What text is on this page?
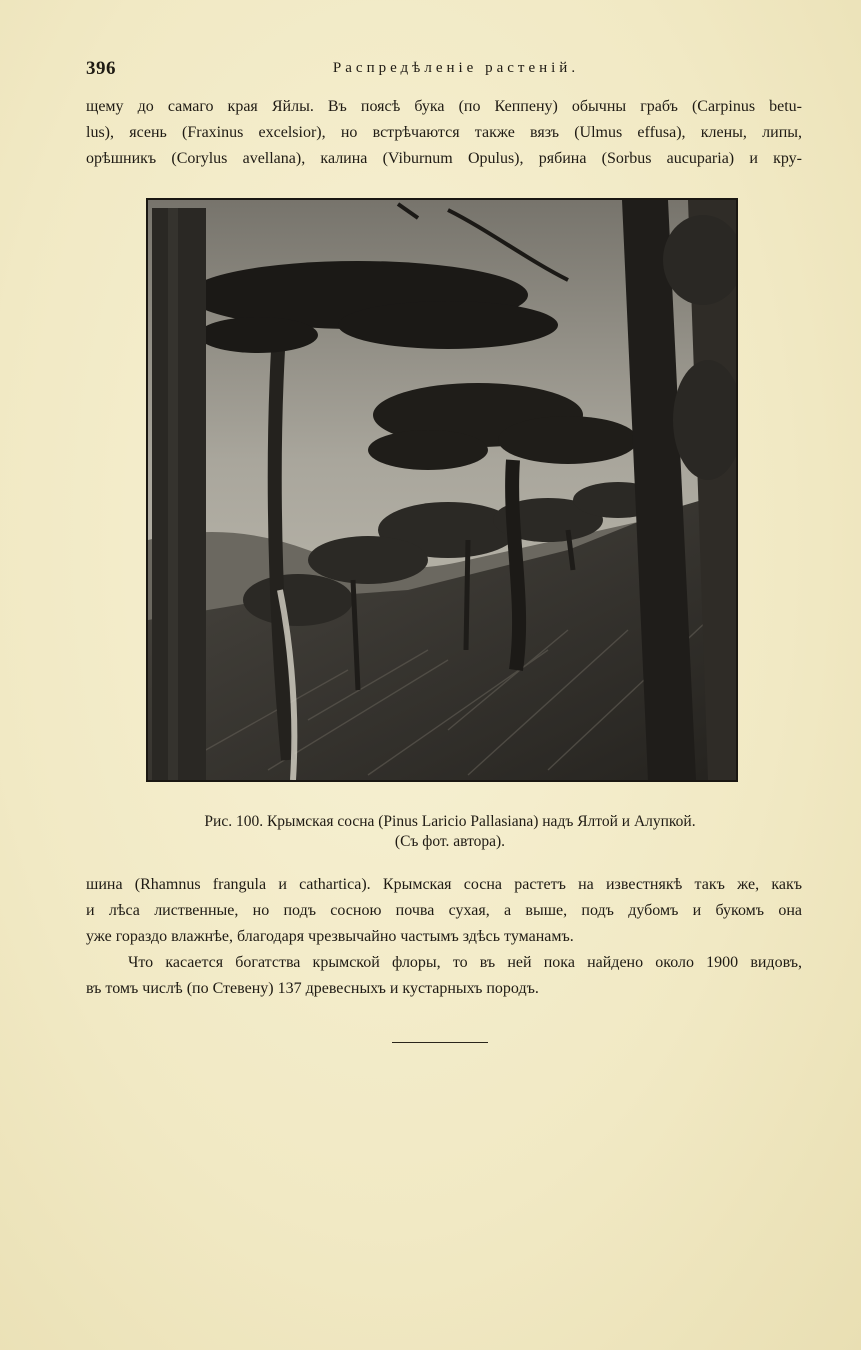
396	Распредѣленіе растеній.
щему до самаго края Яйлы. Въ поясѣ бука (по Кеппену) обычны грабъ (Carpinus betu-
lus), ясень (Fraxinus excelsior), но встрѣчаются также вязъ (Ulmus effusa), клены, липы,
орѣшникъ (Corylus avellana), калина (Viburnum Opulus), рябина (Sorbus aucuparia) и кру-
Рис. 100. Крымская сосна (Pinus Laricio Pallasiana) надъ Ялтой и Алупкой.
(Съ фот. автора).
шина (Rhamnus frangula и cathartica). Крымская сосна растетъ на известнякѣ такъ же, какъ
и лѣса лиственные, но подъ сосною почва сухая, а выше, подъ дубомъ и букомъ она
уже гораздо влажнѣе, благодаря чрезвычайно частымъ здѣсь туманамъ.
Что касается богатства крымской флоры, то въ ней пока найдено около 1900 видовъ,
въ томъ числѣ (по Стевену) 137 древесныхъ и кустарныхъ породъ.
